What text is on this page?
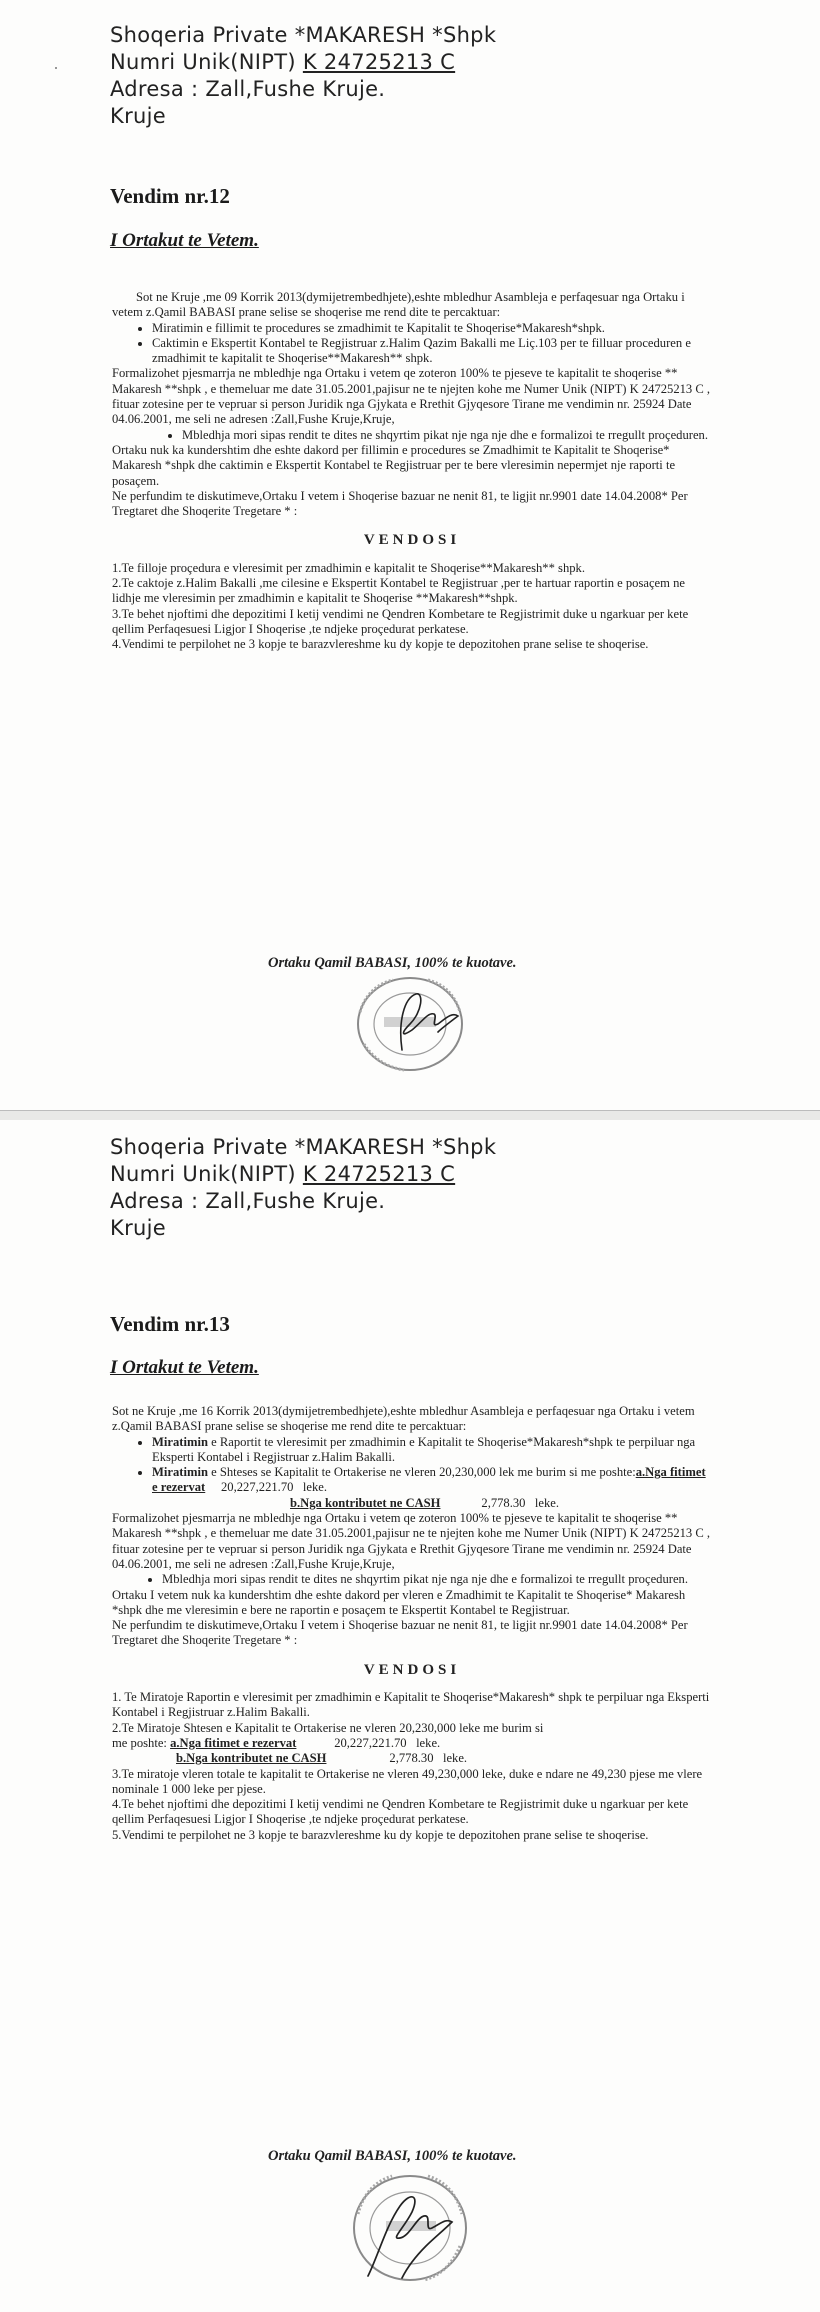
Shoqeria Private *MAKARESH *Shpk
Numri Unik(NIPT) K 24725213 C
Adresa : Zall,Fushe Kruje.
Kruje
Vendim nr.12
I Ortakut te Vetem.

Sot ne Kruje ,me 09 Korrik 2013(dymijetrembedhjete),eshte mbledhur Asambleja e perfaqesuar nga Ortaku i vetem z.Qamil BABASI prane selise se shoqerise me rend dite te percaktuar:

• Miratimin e fillimit te procedures se zmadhimit te Kapitalit te Shoqerise*Makaresh*shpk.
• Caktimin e Ekspertit Kontabel te Regjistruar z.Halim Qazim Bakalli me Liç.103 per te filluar proceduren e zmadhimit te kapitalit te Shoqerise**Makaresh** shpk.

Formalizohet pjesmarrja ne mbledhje nga Ortaku i vetem qe zoteron 100% te pjeseve te kapitalit te shoqerise ** Makaresh **shpk , e themeluar me date 31.05.2001,pajisur ne te njejten kohe me Numer Unik (NIPT) K 24725213 C , fituar zotesine per te vepruar si person Juridik nga Gjykata e Rrethit Gjyqesore Tirane me vendimin nr. 25924 Date 04.06.2001, me seli ne adresen :Zall,Fushe Kruje,Kruje,

• Mbledhja mori sipas rendit te dites ne shqyrtim pikat nje nga nje dhe e formalizoi te rregullt proçeduren.

Ortaku nuk ka kundershtim dhe eshte dakord per fillimin e procedures se Zmadhimit te Kapitalit te Shoqerise* Makaresh *shpk dhe caktimin e Ekspertit Kontabel te Regjistruar per te bere vleresimin nepermjet nje raporti te posaçem.

Ne perfundim te diskutimeve,Ortaku I vetem i Shoqerise bazuar ne nenit 81, te ligjit nr.9901 date 14.04.2008* Per Tregtaret dhe Shoqerite Tregetare * :

VENDOSI
1.Te filloje proçedura e vleresimit per zmadhimin e kapitalit te Shoqerise**Makaresh** shpk.
2.Te caktoje z.Halim Bakalli ,me cilesine e Ekspertit Kontabel te Regjistruar ,per te hartuar raportin e posaçem ne lidhje me vleresimin per zmadhimin e kapitalit te Shoqerise **Makaresh**shpk.
3.Te behet njoftimi dhe depozitimi I ketij vendimi ne Qendren Kombetare te Regjistrimit duke u ngarkuar per kete qellim Perfaqesuesi Ligjor I Shoqerise ,te ndjeke proçedurat perkatese.
4.Vendimi te perpilohet ne 3 kopje te barazvlereshme ku dy kopje te depozitohen prane selise te shoqerise.
Ortaku Qamil BABASI, 100% te kuotave.
Shoqeria Private *MAKARESH *Shpk
Numri Unik(NIPT) K 24725213 C
Adresa : Zall,Fushe Kruje.
Kruje
Vendim nr.13
I Ortakut te Vetem.

Sot ne Kruje ,me 16 Korrik 2013(dymijetrembedhjete),eshte mbledhur Asambleja e perfaqesuar nga Ortaku i vetem z.Qamil BABASI prane selise se shoqerise me rend dite te percaktuar:

• Miratimin e Raportit te vleresimit per zmadhimin e Kapitalit te Shoqerise*Makaresh*shpk te perpiluar nga Eksperti Kontabel i Regjistruar z.Halim Bakalli.
• Miratimin e Shteses se Kapitalit te Ortakerise ne vleren 20,230,000 lek me burim si me poshte:a.Nga fitimet e rezervat 20,227,221.70 leke.
b.Nga kontributet ne CASH	2,778.30 leke.

Formalizohet pjesmarrja ne mbledhje nga Ortaku i vetem qe zoteron 100% te pjeseve te kapitalit te shoqerise ** Makaresh **shpk , e themeluar me date 31.05.2001,pajisur ne te njejten kohe me Numer Unik (NIPT) K 24725213 C , fituar zotesine per te vepruar si person Juridik nga Gjykata e Rrethit Gjyqesore Tirane me vendimin nr. 25924 Date 04.06.2001, me seli ne adresen :Zall,Fushe Kruje,Kruje,

• Mbledhja mori sipas rendit te dites ne shqyrtim pikat nje nga nje dhe e formalizoi te rregullt proçeduren.

Ortaku I vetem nuk ka kundershtim dhe eshte dakord per vleren e Zmadhimit te Kapitalit te Shoqerise* Makaresh *shpk dhe me vleresimin e bere ne raportin e posaçem te Ekspertit Kontabel te Regjistruar.

Ne perfundim te diskutimeve,Ortaku I vetem i Shoqerise bazuar ne nenit 81, te ligjit nr.9901 date 14.04.2008* Per Tregtaret dhe Shoqerite Tregetare * :

VENDOSI

1. Te Miratoje Raportin e vleresimit per zmadhimin e Kapitalit te Shoqerise*Makaresh* shpk te perpiluar nga Eksperti Kontabel i Regjistruar z.Halim Bakalli.

2.Te Miratoje Shtesen e Kapitalit te Ortakerise ne vleren 20,230,000 leke me burim si
me poshte: a.Nga fitimet e rezervat	20,227,221.70 leke.
b.Nga kontributet ne CASH	2,778.30 leke.

3.Te miratoje vleren totale te kapitalit te Ortakerise ne vleren 49,230,000 leke, duke e ndare ne 49,230 pjese me vlere nominale 1 000 leke per pjese.

4.Te behet njoftimi dhe depozitimi I ketij vendimi ne Qendren Kombetare te Regjistrimit duke u ngarkuar per kete qellim Perfaqesuesi Ligjor I Shoqerise ,te ndjeke proçedurat perkatese.

5.Vendimi te perpilohet ne 3 kopje te barazvlereshme ku dy kopje te depozitohen prane selise te shoqerise.

Ortaku Qamil BABASI, 100% te kuotave.
